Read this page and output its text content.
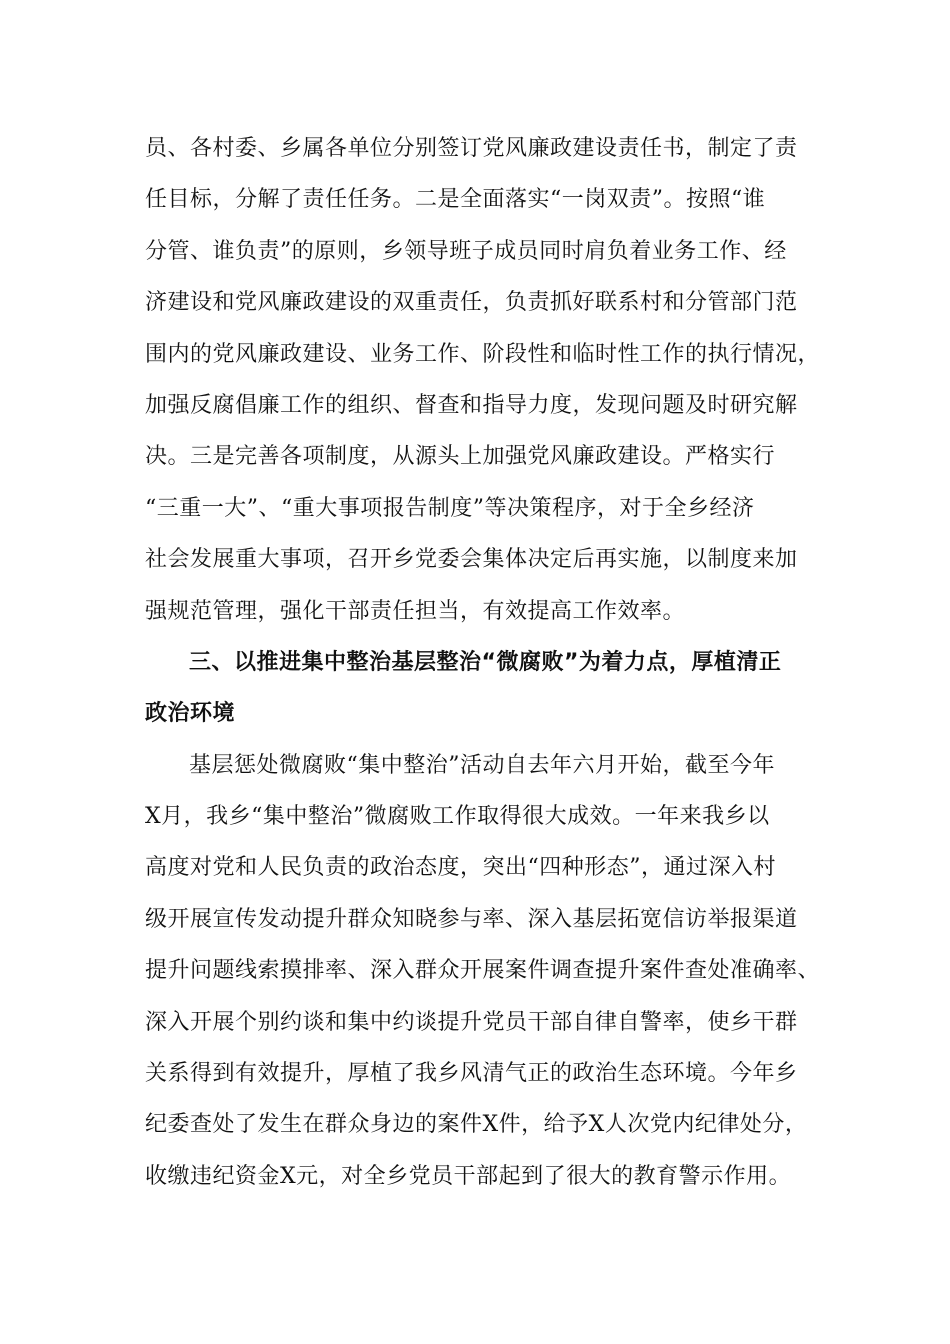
员、各村委、乡属各单位分别签订党风廉政建设责任书，制定了责
任目标，分解了责任任务。二是全面落实“一岗双责”。按照“谁
分管、谁负责”的原则，乡领导班子成员同时肩负着业务工作、经
济建设和党风廉政建设的双重责任，负责抓好联系村和分管部门范
围内的党风廉政建设、业务工作、阶段性和临时性工作的执行情况，
加强反腐倡廉工作的组织、督查和指导力度，发现问题及时研究解
决。三是完善各项制度，从源头上加强党风廉政建设。严格实行
“三重一大”、“重大事项报告制度”等决策程序，对于全乡经济
社会发展重大事项，召开乡党委会集体决定后再实施，以制度来加
强规范管理，强化干部责任担当，有效提高工作效率。
三、以推进集中整治基层整治“微腐败”为着力点，厚植清正
政治环境
基层惩处微腐败“集中整治”活动自去年六月开始，截至今年
X月，我乡“集中整治”微腐败工作取得很大成效。一年来我乡以
高度对党和人民负责的政治态度，突出“四种形态”，通过深入村
级开展宣传发动提升群众知晓参与率、深入基层拓宽信访举报渠道
提升问题线索摸排率、深入群众开展案件调查提升案件查处准确率、
深入开展个别约谈和集中约谈提升党员干部自律自警率，使乡干群
关系得到有效提升，厚植了我乡风清气正的政治生态环境。今年乡
纪委查处了发生在群众身边的案件X件，给予X人次党内纪律处分，
收缴违纪资金X元，对全乡党员干部起到了很大的教育警示作用。
